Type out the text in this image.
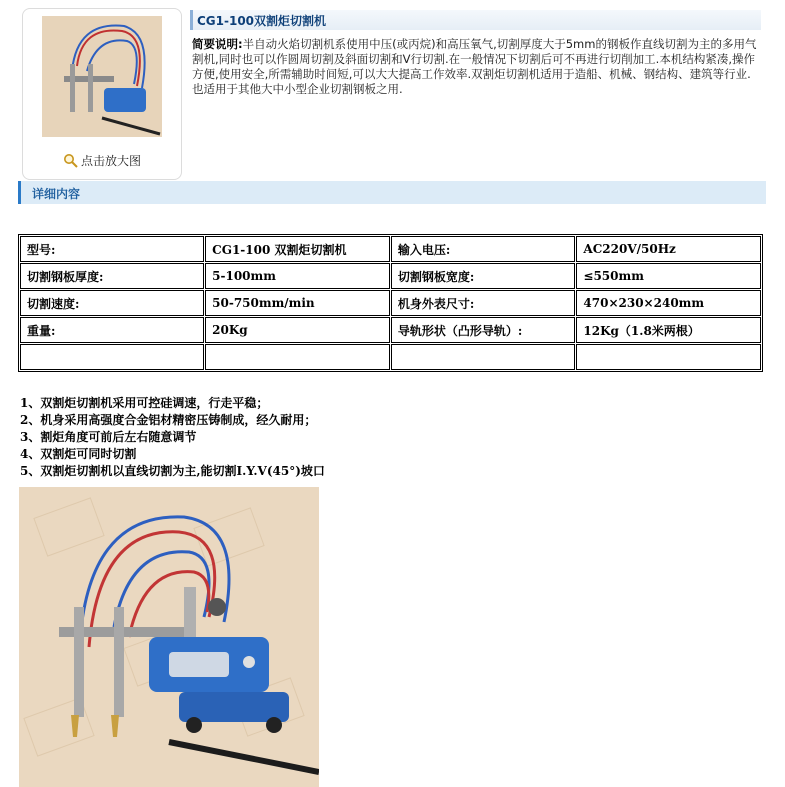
点击放大图
CG1-100双割炬切割机
简要说明:半自动火焰切割机系使用中压(或丙烷)和高压氧气,切割厚度大于5mm的钢板作直线切割为主的多用气割机,同时也可以作圆周切割及斜面切割和V行切割.在一般情况下切割后可不再进行切削加工.本机结构紧凑,操作方便,使用安全,所需辅助时间短,可以大大提高工作效率.双割炬切割机适用于造船、机械、钢结构、建筑等行业.也适用于其他大中小型企业切割钢板之用.
详细内容
型号:	CG1-100 双割炬切割机	输入电压:	AC220V/50Hz
切割钢板厚度:	5-100mm	切割钢板宽度:	≤550mm
切割速度:	50-750mm/min	机身外表尺寸:	470×230×240mm
重量:	20Kg	导轨形状（凸形导轨）:	12Kg（1.8米两根）

1、双割炬切割机采用可控硅调速，行走平稳；
2、机身采用高强度合金铝材精密压铸制成，经久耐用；
3、割炬角度可前后左右随意调节
4、双割炬可同时切割
5、双割炬切割机以直线切割为主,能切割I.Y.V(45°)坡口
